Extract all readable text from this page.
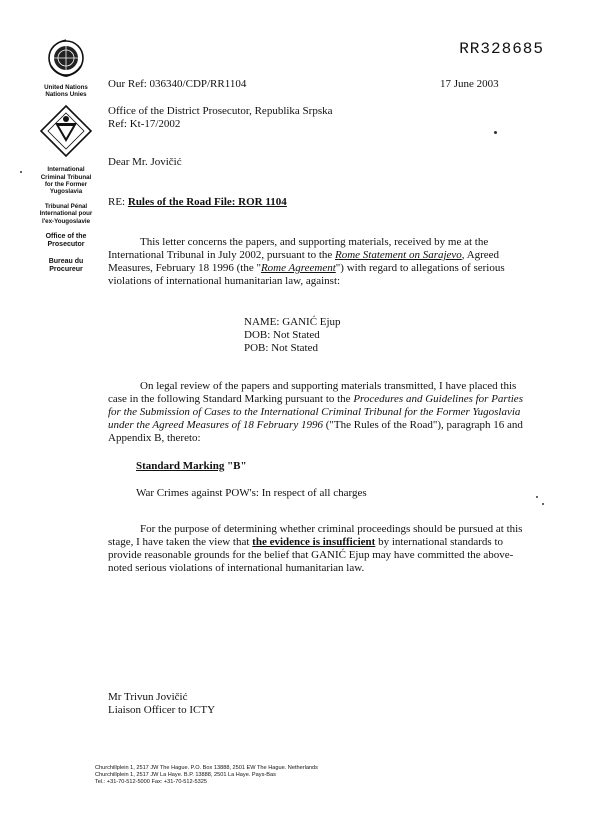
RR328685
United Nations
Nations Unies
International
Criminal Tribunal
for the Former
Yugoslavia
Tribunal Pénal
International pour
l'ex-Yougoslavie
Office of the
Prosecutor
Bureau du
Procureur
Our Ref: 036340/CDP/RR1104	17 June 2003
Office of the District Prosecutor, Republika Srpska
Ref: Kt-17/2002
Dear Mr. Jovičić
RE: Rules of the Road File: ROR 1104
This letter concerns the papers, and supporting materials, received by me at the International Tribunal in July 2002, pursuant to the Rome Statement on Sarajevo, Agreed Measures, February 18 1996 (the "Rome Agreement") with regard to allegations of serious violations of international humanitarian law, against:
NAME: GANIĆ Ejup
DOB: Not Stated
POB: Not Stated
On legal review of the papers and supporting materials transmitted, I have placed this case in the following Standard Marking pursuant to the Procedures and Guidelines for Parties for the Submission of Cases to the International Criminal Tribunal for the Former Yugoslavia under the Agreed Measures of 18 February 1996 ("The Rules of the Road"), paragraph 16 and Appendix B, thereto:
Standard Marking "B"
War Crimes against POW's: In respect of all charges
For the purpose of determining whether criminal proceedings should be pursued at this stage, I have taken the view that the evidence is insufficient by international standards to provide reasonable grounds for the belief that GANIĆ Ejup may have committed the above-noted serious violations of international humanitarian law.
Mr Trivun Jovičić
Liaison Officer to ICTY
Churchillplein 1, 2517 JW The Hague. P.O. Box 13888, 2501 EW The Hague. Netherlands
Churchillplein 1, 2517 JW La Haye. B.P. 13888, 2501 La Haye. Pays-Bas
Tel.: +31-70-512-5000 Fax: +31-70-512-5325
